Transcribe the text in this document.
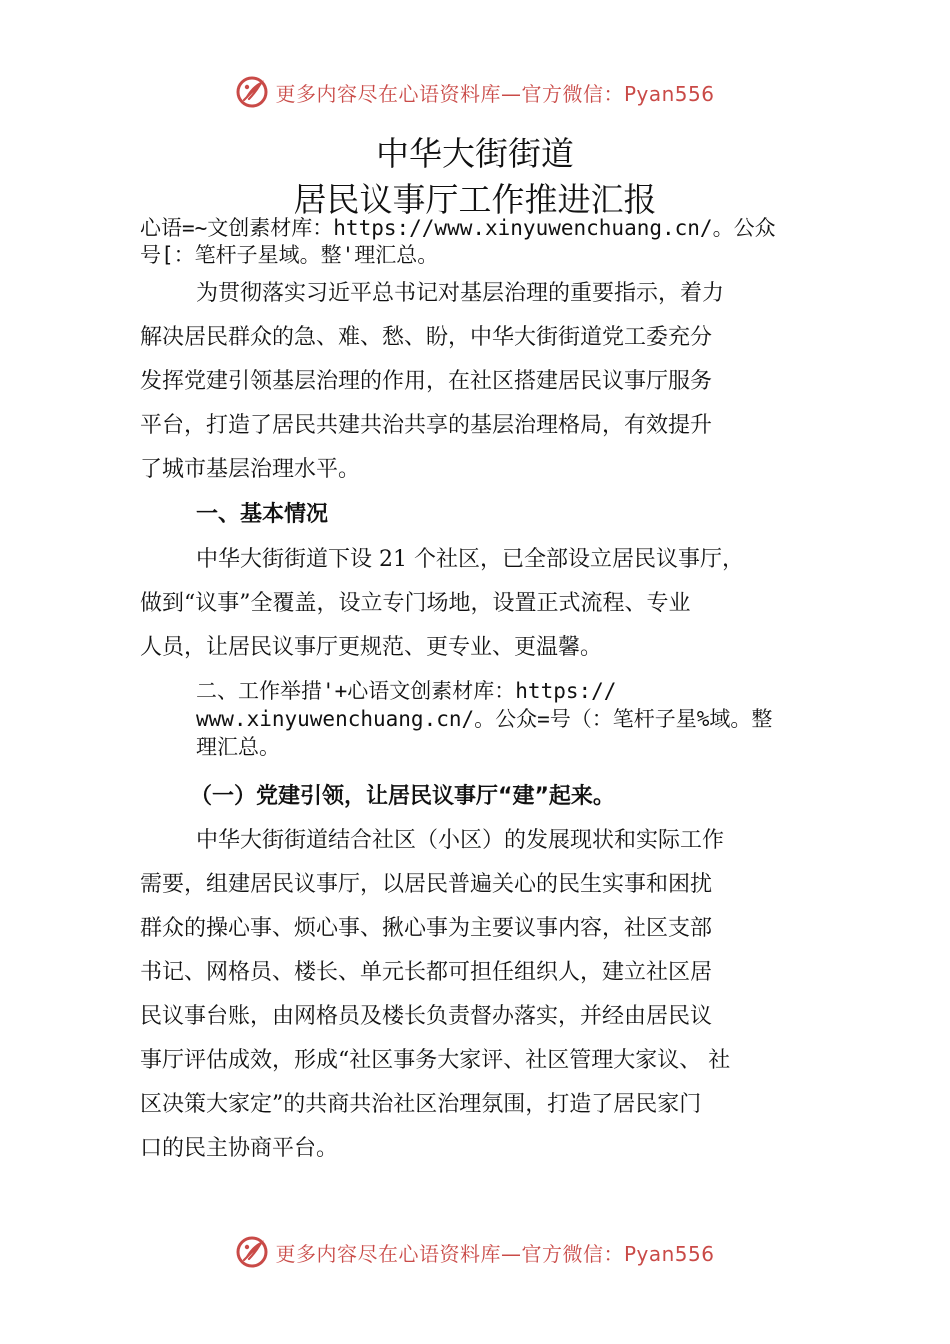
更多内容尽在心语资料库—官方微信：Pyan556
中华大街街道
居民议事厅工作推进汇报
心语=~文创素材库：https://www.xinyuwenchuang.cn/。公众
号[：笔杆子星域。整'理汇总。
为贯彻落实习近平总书记对基层治理的重要指示，着力
解决居民群众的急、难、愁、盼，中华大街街道党工委充分
发挥党建引领基层治理的作用，在社区搭建居民议事厅服务
平台，打造了居民共建共治共享的基层治理格局，有效提升
了城市基层治理水平。
一、基本情况
中华大街街道下设 21 个社区，已全部设立居民议事厅，
做到“议事”全覆盖，设立专门场地，设置正式流程、专业
人员，让居民议事厅更规范、更专业、更温馨。
二、工作举措'+心语文创素材库：https://
www.xinyuwenchuang.cn/。公众=号（：笔杆子星%域。整
理汇总。
（一）党建引领，让居民议事厅“建”起来。
中华大街街道结合社区（小区）的发展现状和实际工作
需要，组建居民议事厅，以居民普遍关心的民生实事和困扰
群众的操心事、烦心事、揪心事为主要议事内容，社区支部
书记、网格员、楼长、单元长都可担任组织人，建立社区居
民议事台账，由网格员及楼长负责督办落实，并经由居民议
事厅评估成效，形成“社区事务大家评、社区管理大家议、 社
区决策大家定”的共商共治社区治理氛围，打造了居民家门
口的民主协商平台。
更多内容尽在心语资料库—官方微信：Pyan556
